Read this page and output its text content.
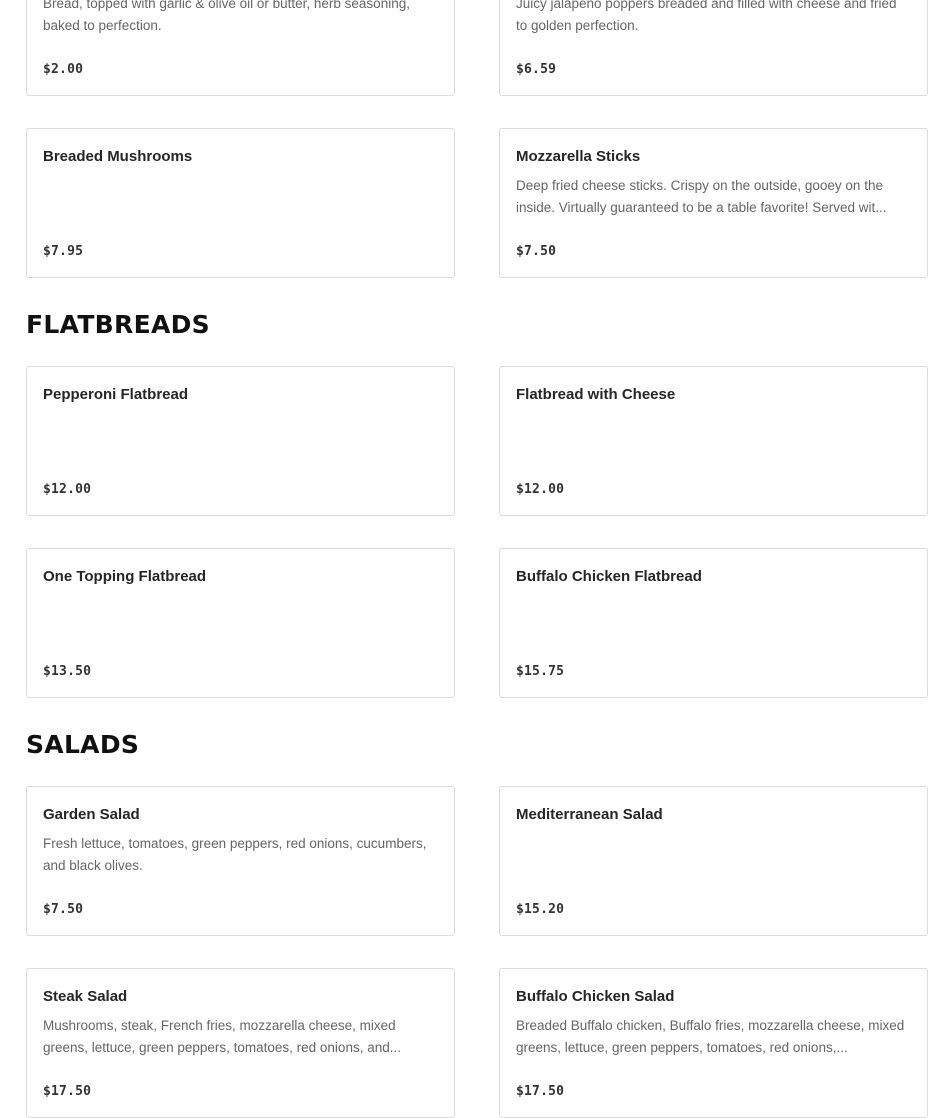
Bread, topped with garlic & olive oil or butter, herb seasoning, baked to perfection.
$2.00
Juicy jalapeño poppers breaded and filled with cheese and fried to golden perfection.
$6.59
Breaded Mushrooms
$7.95
Mozzarella Sticks
Deep fried cheese sticks. Crispy on the outside, gooey on the inside. Virtually guaranteed to be a table favorite! Served wit...
$7.50
FLATBREADS
Pepperoni Flatbread
$12.00
Flatbread with Cheese
$12.00
One Topping Flatbread
$13.50
Buffalo Chicken Flatbread
$15.75
SALADS
Garden Salad
Fresh lettuce, tomatoes, green peppers, red onions, cucumbers, and black olives.
$7.50
Mediterranean Salad
$15.20
Steak Salad
Mushrooms, steak, French fries, mozzarella cheese, mixed greens, lettuce, green peppers, tomatoes, red onions, and...
$17.50
Buffalo Chicken Salad
Breaded Buffalo chicken, Buffalo fries, mozzarella cheese, mixed greens, lettuce, green peppers, tomatoes, red onions,...
$17.50
